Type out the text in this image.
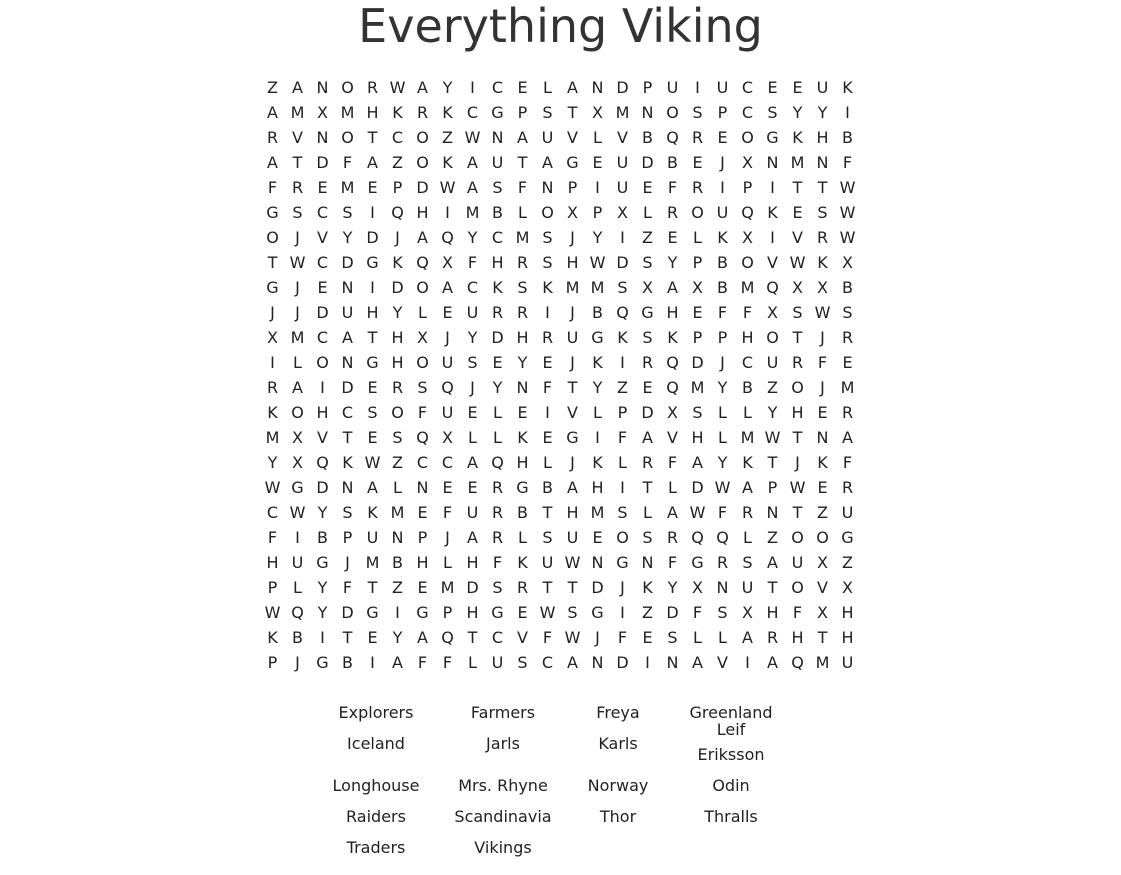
Everything Viking
Z A N O R W A Y	I	C E L A N D P U	I	U C E E U K
A M X M H K R K C G P S T X M N O S P C S Y Y	I
R V N O T C O Z W N A U V L V B Q R E O G K H B
A T D F A Z O K A U T A G E U D B E	J	X N M N F
F R E M E P D W A S F N P	I	U E F R	I	P	I	T T W
G S C S	I	Q H	I M B L O X P X L R O U Q K E S W
O	J	V Y D	J	A Q Y C M S	J	Y	I	Z E L K X	I	V R W
T W C D G K Q X F H R S H W D S Y P B O V W K X
G	J	E N	I	D O A C K S K M M S X A X B M Q X X B
J	J	D U H Y L E U R R	I	J	B Q G H E F F X S W S
X M C A T H X	J	Y D H R U G K S K P P H O T	J	R
I	L O N G H O U S E Y E	J	K	I	R Q D	J	C U R F E
R A	I	D E R S Q	J	Y N F T Y Z E Q M Y B Z O	J M
K O H C S O F U E L E	I	V L P D X S L	L Y H E R
M X V T E S Q X L	L K E G	I	F A V H L M W T N A
Y X Q K W Z C C A Q H L	J	K L R F A Y K T	J	K F
W G D N A L N E E R G B A H	I	T L D W A P W E R
C W Y S K M E F U R B T H M S L A W F R N T Z U
F	I	B P U N P	J	A R L S U E O S R Q Q L Z O O G
H U G	J M B H L H F K U W N G N F G R S A U X Z
P L Y F T Z E M D S R T T D	J	K Y X N U T O V X
W Q Y D G	I	G P H G E W S G	I	Z D F S X H F X H
K B	I	T E Y A Q T C V F W J	F E S L	L A R H T H
P	J	G B	I	A F F L U S C A N D	I	N A V	I	A Q M U
Explorers	Farmers	Freya	Greenland
Iceland	Jarls	Karls
Leif Eriksson
Longhouse	Mrs. Rhyne	Norway	Odin
Raiders	Scandinavia	Thor	Thralls
Traders	Vikings
